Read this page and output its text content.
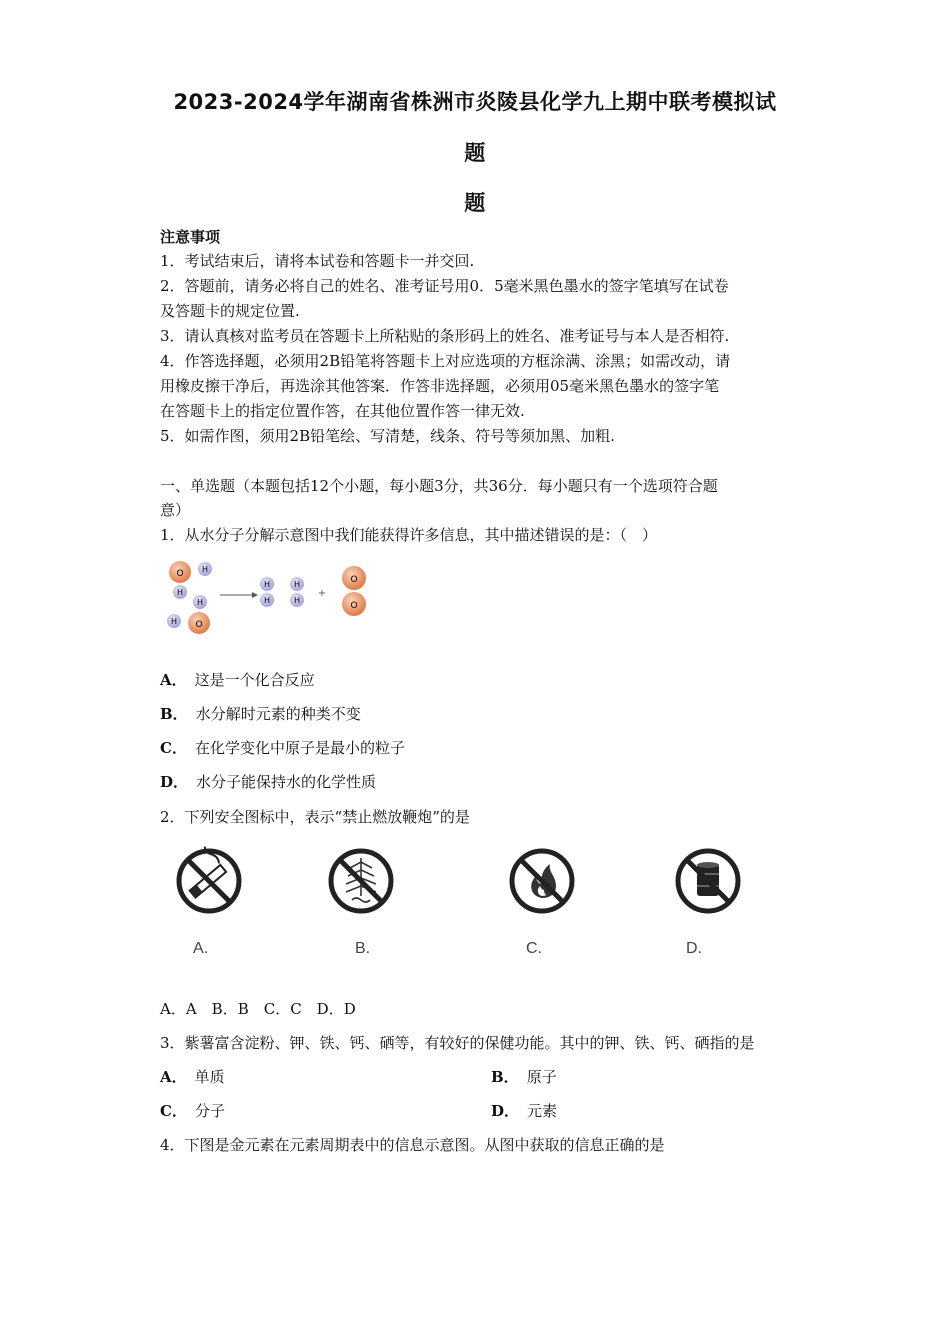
2023-2024学年湖南省株洲市炎陵县化学九上期中联考模拟试
题
题
注意事项
1．考试结束后，请将本试卷和答题卡一并交回.
2．答题前，请务必将自己的姓名、准考证号用0．5毫米黑色墨水的签字笔填写在试卷
及答题卡的规定位置.
3．请认真核对监考员在答题卡上所粘贴的条形码上的姓名、准考证号与本人是否相符.
4．作答选择题，必须用2B铅笔将答题卡上对应选项的方框涂满、涂黑；如需改动，请
用橡皮擦干净后，再选涂其他答案．作答非选择题，必须用05毫米黑色墨水的签字笔
在答题卡上的指定位置作答，在其他位置作答一律无效.
5．如需作图，须用2B铅笔绘、写清楚，线条、符号等须加黑、加粗.
一、单选题（本题包括12个小题，每小题3分，共36分．每小题只有一个选项符合题
意）
1．从水分子分解示意图中我们能获得许多信息，其中描述错误的是：（　）
O H
H
H
O
H
H
H
H
H
+
O
O
A． 这是一个化合反应
B． 水分解时元素的种类不变
C． 在化学变化中原子是最小的粒子
D． 水分子能保持水的化学性质
2．下列安全图标中，表示“禁止燃放鞭炮”的是
A.	B.	C.	D.
A．A　B．B　C．C　D．D
3．紫薯富含淀粉、钾、铁、钙、硒等，有较好的保健功能。其中的钾、铁、钙、硒指的是
A． 单质	B． 原子
C． 分子	D． 元素
4．下图是金元素在元素周期表中的信息示意图。从图中获取的信息正确的是
